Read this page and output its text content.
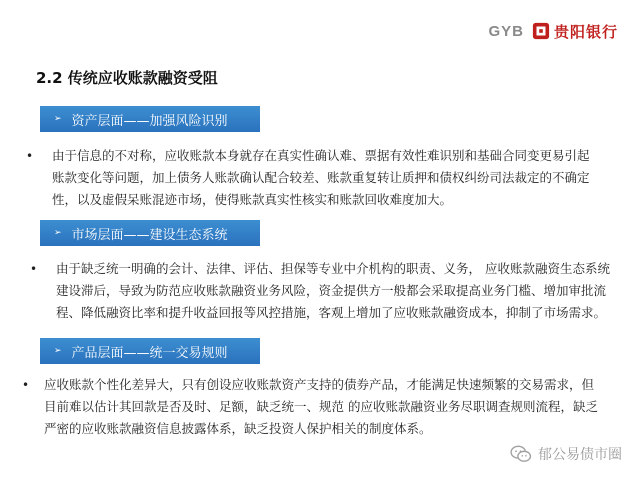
GYB 贵阳银行
2.2 传统应收账款融资受阻
➢ 资产层面——加强风险识别
•	由于信息的不对称，应收账款本身就存在真实性确认难、票据有效性难识别和基础合同变更易引起
账款变化等问题，加上债务人账款确认配合较差、账款重复转让质押和债权纠纷司法裁定的不确定
性，以及虚假呆账混迹市场，使得账款真实性核实和账款回收难度加大。
➢ 市场层面——建设生态系统
•	由于缺乏统一明确的会计、法律、评估、担保等专业中介机构的职责、义务， 应收账款融资生态系统
建设滞后，导致为防范应收账款融资业务风险，资金提供方一般都会采取提高业务门槛、增加审批流
程、降低融资比率和提升收益回报等风控措施，客观上增加了应收账款融资成本，抑制了市场需求。
➢ 产品层面——统一交易规则
•	应收账款个性化差异大，只有创设应收账款资产支持的债券产品，才能满足快速频繁的交易需求，但
目前难以估计其回款是否及时、足额，缺乏统一、规范 的应收账款融资业务尽职调查规则流程，缺乏
严密的应收账款融资信息披露体系，缺乏投资人保护相关的制度体系。
郁公易债市圈
